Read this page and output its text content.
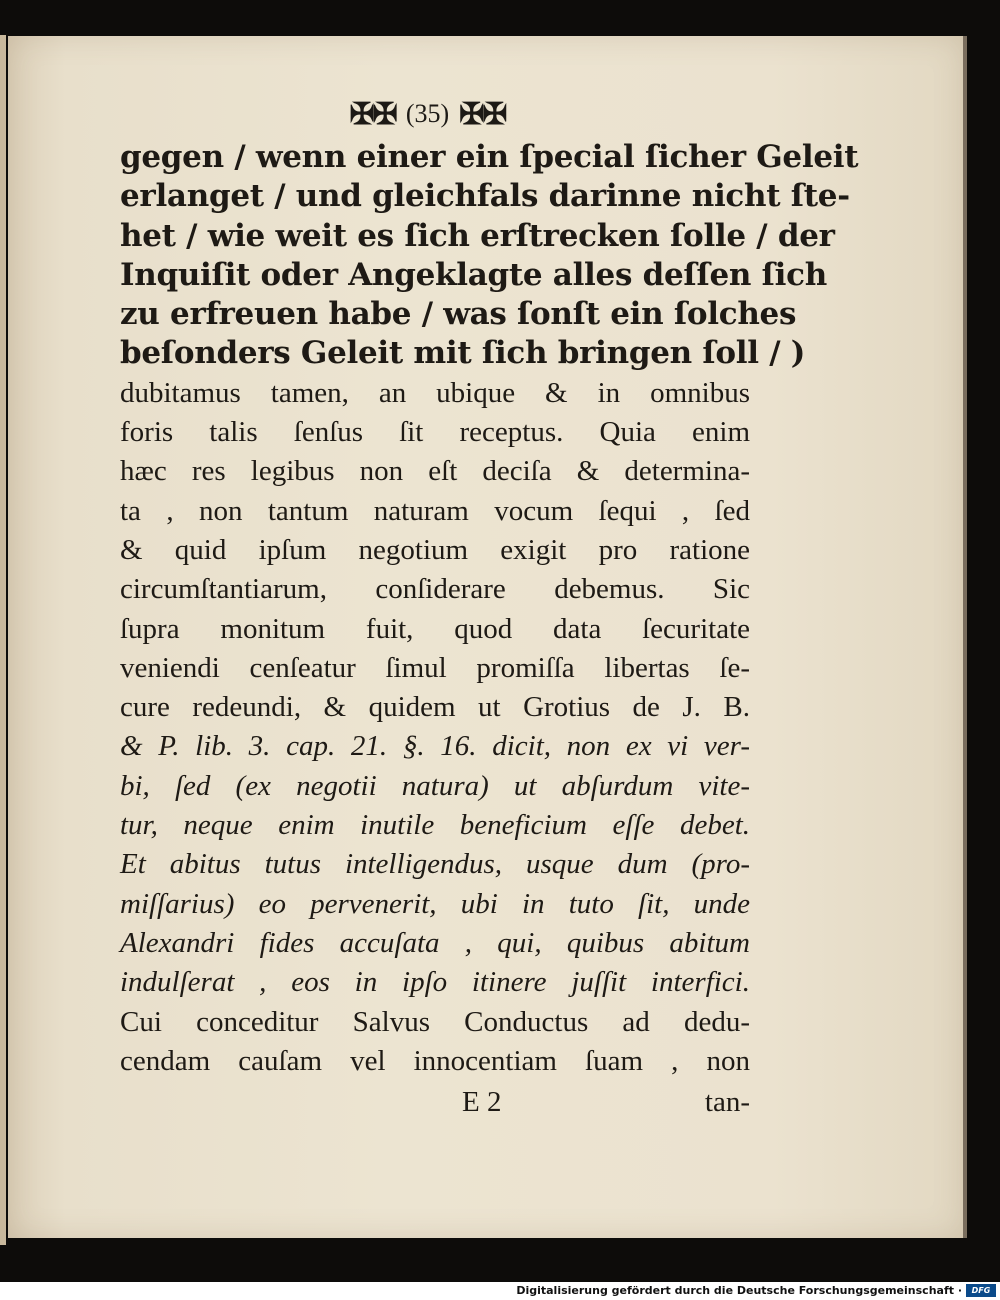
✠✠ (35) ✠✠
gegen / wenn einer ein ſpecial ſicher Geleit
erlanget / und gleichfals darinne nicht ſte-
het / wie weit es ſich erſtrecken ſolle / der
Inquiſit oder Angeklagte alles deſſen ſich
zu erfreuen habe / was ſonſt ein ſolches
beſonders Geleit mit ſich bringen ſoll / )
dubitamus tamen, an ubique & in omnibus
foris talis ſenſus ſit receptus. Quia enim
hæc res legibus non eſt deciſa & determina-
ta , non tantum naturam vocum ſequi , ſed
& quid ipſum negotium exigit pro ratione
circumſtantiarum, conſiderare debemus. Sic
ſupra monitum fuit, quod data ſecuritate
veniendi cenſeatur ſimul promiſſa libertas ſe-
cure redeundi, & quidem ut Grotius de J. B.
& P. lib. 3. cap. 21. §. 16. dicit, non ex vi ver-
bi, ſed (ex negotii natura) ut abſurdum vite-
tur, neque enim inutile beneficium eſſe debet.
Et abitus tutus intelligendus, usque dum (pro-
miſſarius) eo pervenerit, ubi in tuto ſit, unde
Alexandri fides accuſata , qui, quibus abitum
indulſerat , eos in ipſo itinere juſſit interfici.
Cui conceditur Salvus Conductus ad dedu-
cendam cauſam vel innocentiam ſuam , non
E 2	tan-
Digitalisierung gefördert durch die Deutsche Forschungsgemeinschaft ·	DFG
